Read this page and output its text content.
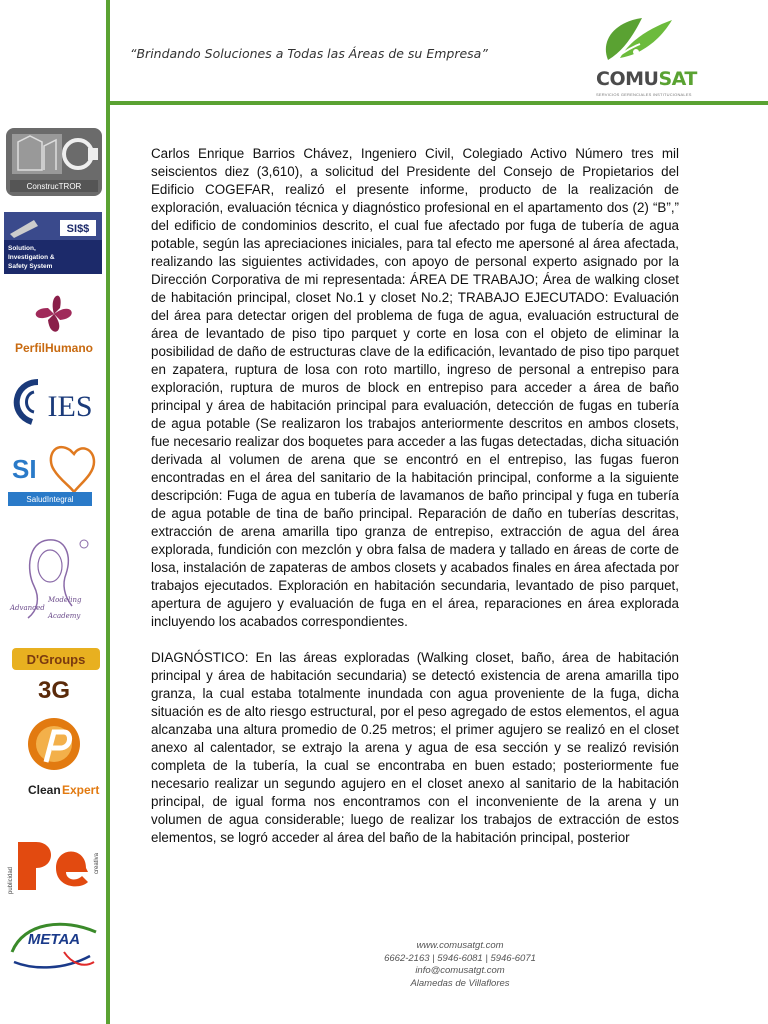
“Brindando Soluciones a Todas las Áreas de su Empresa”
COMUSAT
SERVICIOS GERENCIALES INSTITUCIONALES
ConstrucTROR
SI$$
Solution,
Investigation &
Safety System
PerfilHumano
IES
SI
SaludIntegral
Advanced
Modeling
Academy
D'Groups
3G
Clean Expert
publicidad
creativa
METAA

Carlos Enrique Barrios Chávez, Ingeniero Civil, Colegiado Activo Número tres mil seiscientos diez (3,610), a solicitud del Presidente del Consejo de Propietarios del Edificio COGEFAR, realizó el presente informe, producto de la realización de exploración, evaluación técnica y diagnóstico profesional en el apartamento dos (2) “B”,” del edificio de condominios descrito, el cual fue afectado por fuga de tubería de agua potable, según las apreciaciones iniciales, para tal efecto me apersoné al área afectada, realizando las siguientes actividades, con apoyo de personal experto asignado por la Dirección Corporativa de mi representada: ÁREA DE TRABAJO; Área de walking closet de habitación principal, closet No.1 y closet No.2; TRABAJO EJECUTADO: Evaluación del área para detectar origen del problema de fuga de agua, evaluación estructural de área de levantado de piso tipo parquet y corte en losa con el objeto de eliminar la posibilidad de daño de estructuras clave de la edificación, levantado de piso tipo parquet en zapatera, ruptura de losa con roto martillo, ingreso de personal a entrepiso para exploración, ruptura de muros de block en entrepiso para acceder a área de baño principal y área de habitación principal para evaluación, detección de fugas en tubería de agua potable (Se realizaron los trabajos anteriormente descritos en ambos closets, fue necesario realizar dos boquetes para acceder a las fugas detectadas, dicha situación derivada al volumen de arena que se encontró en el entrepiso, las fugas fueron encontradas en el área del sanitario de la habitación principal, conforme a la siguiente descripción: Fuga de agua en tubería de lavamanos de baño principal y fuga en tubería de agua potable de tina de baño principal. Reparación de daño en tuberías descritas, extracción de arena amarilla tipo granza de entrepiso, extracción de agua del área explorada, fundición con mezclón y obra falsa de madera y tallado en áreas de corte de losa, instalación de zapateras de ambos closets y acabados finales en área afectada por trabajos ejecutados. Exploración en habitación secundaria, levantado de piso parquet, apertura de agujero y evaluación de fuga en el área, reparaciones en área explorada incluyendo los acabados correspondientes.

DIAGNÓSTICO: En las áreas exploradas (Walking closet, baño, área de habitación principal y área de habitación secundaria) se detectó existencia de arena amarilla tipo granza, la cual estaba totalmente inundada con agua proveniente de la fuga, dicha situación es de alto riesgo estructural, por el peso agregado de estos elementos, el agua alcanzaba una altura promedio de 0.25 metros; el primer agujero se realizó en el closet anexo al calentador, se extrajo la arena y agua de esa sección y se realizó revisión completa de la tubería, la cual se encontraba en buen estado; posteriormente fue necesario realizar un segundo agujero en el closet anexo al sanitario de la habitación principal, de igual forma nos encontramos con el inconveniente de la arena y un volumen de agua considerable; luego de realizar los trabajos de extracción de estos elementos, se logró acceder al área del baño de la habitación principal, posterior

www.comusatgt.com
6662-2163 | 5946-6081 | 5946-6071
info@comusatgt.com
Alamedas de Villaflores
